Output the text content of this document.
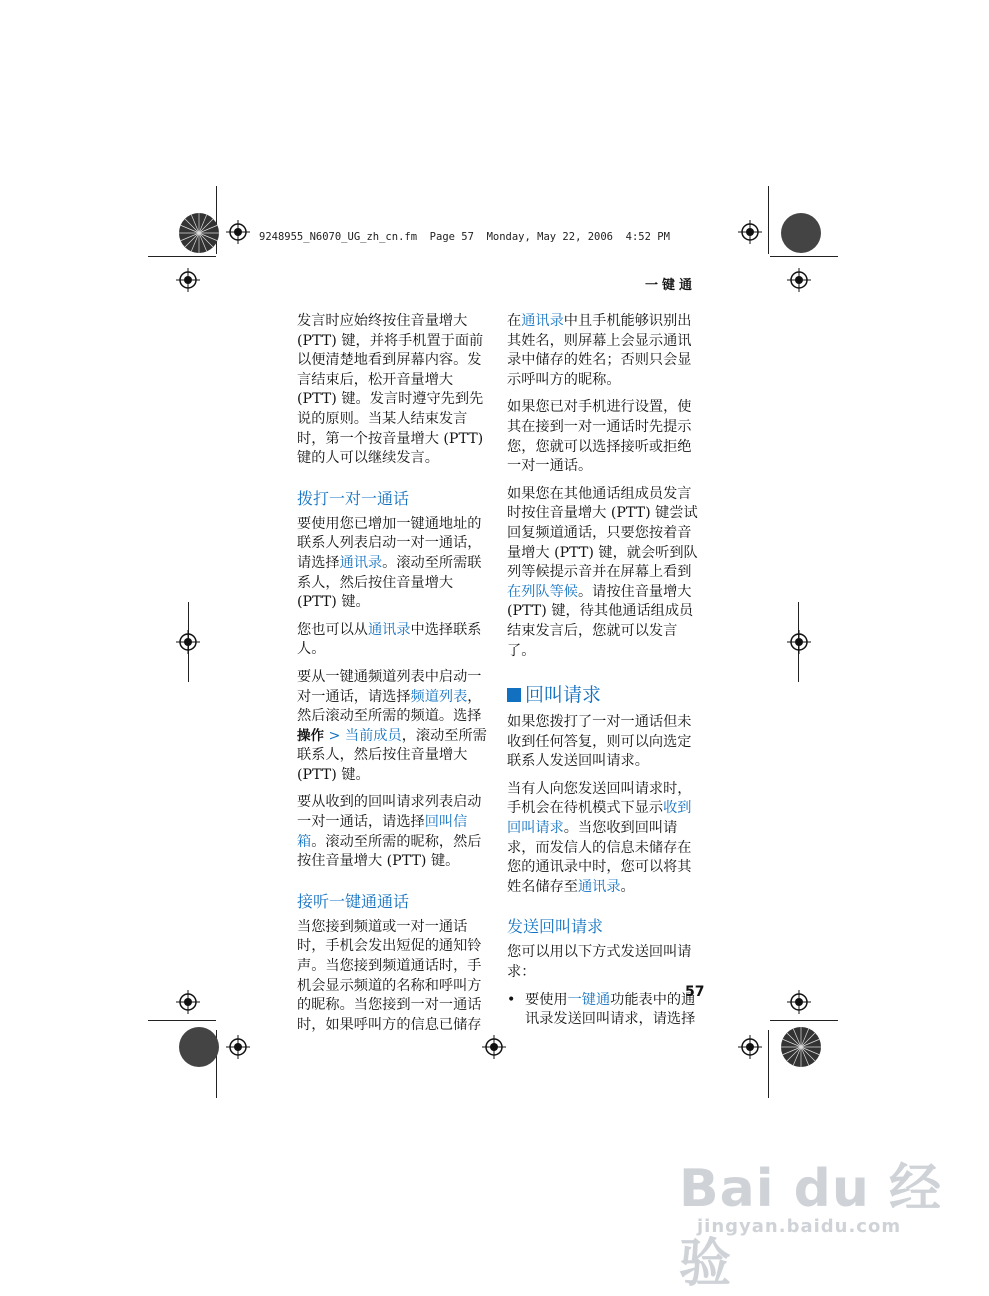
9248955_N6070_UG_zh_cn.fm  Page 57  Monday, May 22, 2006  4:52 PM
一键通

发言时应始终按住音量增大 (PTT) 键，并将手机置于面前以便清楚地看到屏幕内容。发言结束后，松开音量增大 (PTT) 键。发言时遵守先到先说的原则。当某人结束发言时，第一个按音量增大 (PTT) 键的人可以继续发言。

拨打一对一通话

要使用您已增加一键通地址的联系人列表启动一对一通话，请选择通讯录。滚动至所需联系人，然后按住音量增大 (PTT) 键。

您也可以从通讯录中选择联系人。

要从一键通频道列表中启动一对一通话，请选择频道列表，然后滚动至所需的频道。选择操作 > 当前成员，滚动至所需联系人，然后按住音量增大 (PTT) 键。

要从收到的回叫请求列表启动一对一通话，请选择回叫信箱。滚动至所需的昵称，然后按住音量增大 (PTT) 键。

接听一键通通话

当您接到频道或一对一通话时，手机会发出短促的通知铃声。当您接到频道通话时，手机会显示频道的名称和呼叫方的昵称。当您接到一对一通话时，如果呼叫方的信息已储存

在通讯录中且手机能够识别出其姓名，则屏幕上会显示通讯录中储存的姓名；否则只会显示呼叫方的昵称。

如果您已对手机进行设置，使其在接到一对一通话时先提示您，您就可以选择接听或拒绝一对一通话。

如果您在其他通话组成员发言时按住音量增大 (PTT) 键尝试回复频道通话，只要您按着音量增大 (PTT) 键，就会听到队列等候提示音并在屏幕上看到在列队等候。请按住音量增大 (PTT) 键，待其他通话组成员结束发言后，您就可以发言了。

回叫请求

如果您拨打了一对一通话但未收到任何答复，则可以向选定联系人发送回叫请求。

当有人向您发送回叫请求时，手机会在待机模式下显示收到回叫请求。当您收到回叫请求，而发信人的信息未储存在您的通讯录中时，您可以将其姓名储存至通讯录。

发送回叫请求

您可以用以下方式发送回叫请求：

• 要使用一键通功能表中的通讯录发送回叫请求，请选择

57
Bai du 经验
jingyan.baidu.com
